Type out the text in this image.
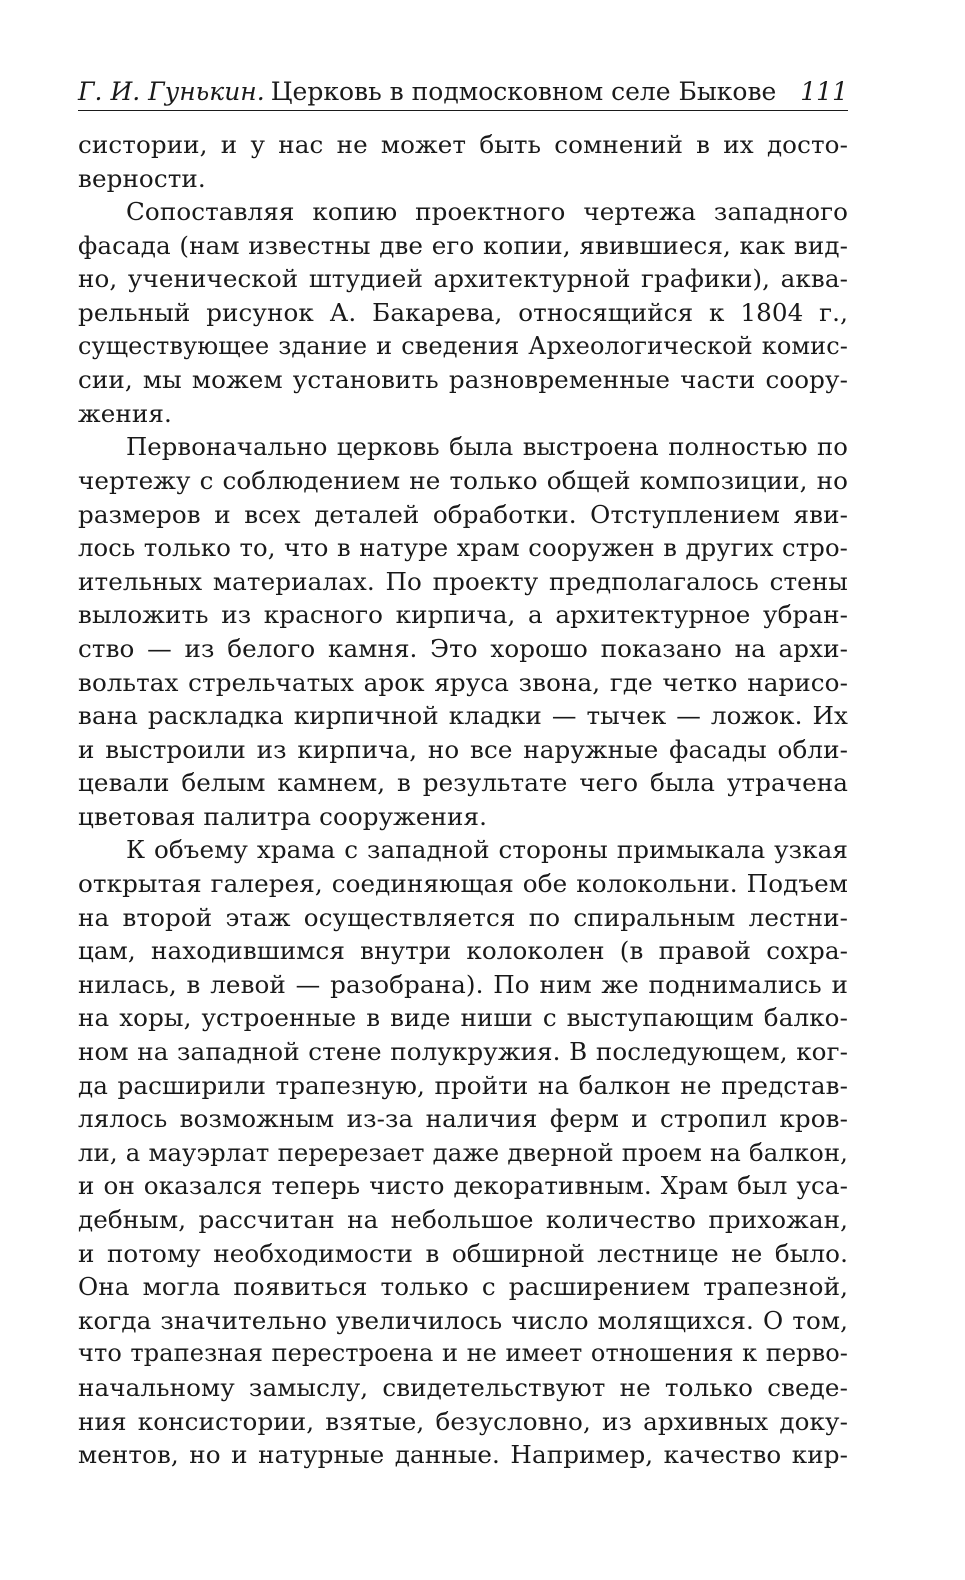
Г. И. Гунькин. Церковь в подмосковном селе Быкове 111
систории, и у нас не может быть сомнений в их досто-
верности.
Сопоставляя копию проектного чертежа западного
фасада (нам известны две его копии, явившиеся, как вид-
но, ученической штудией архитектурной графики), аква-
рельный рисунок А. Бакарева, относящийся к 1804 г.,
существующее здание и сведения Археологической комис-
сии, мы можем установить разновременные части соору-
жения.
Первоначально церковь была выстроена полностью по
чертежу с соблюдением не только общей композиции, но
размеров и всех деталей обработки. Отступлением яви-
лось только то, что в натуре храм сооружен в других стро-
ительных материалах. По проекту предполагалось стены
выложить из красного кирпича, а архитектурное убран-
ство — из белого камня. Это хорошо показано на архи-
вольтах стрельчатых арок яруса звона, где четко нарисо-
вана раскладка кирпичной кладки — тычек — ложок. Их
и выстроили из кирпича, но все наружные фасады обли-
цевали белым камнем, в результате чего была утрачена
цветовая палитра сооружения.
К объему храма с западной стороны примыкала узкая
открытая галерея, соединяющая обе колокольни. Подъем
на второй этаж осуществляется по спиральным лестни-
цам, находившимся внутри колоколен (в правой сохра-
нилась, в левой — разобрана). По ним же поднимались и
на хоры, устроенные в виде ниши с выступающим балко-
ном на западной стене полукружия. В последующем, ког-
да расширили трапезную, пройти на балкон не представ-
лялось возможным из-за наличия ферм и стропил кров-
ли, а мауэрлат перерезает даже дверной проем на балкон,
и он оказался теперь чисто декоративным. Храм был уса-
дебным, рассчитан на небольшое количество прихожан,
и потому необходимости в обширной лестнице не было.
Она могла появиться только с расширением трапезной,
когда значительно увеличилось число молящихся. О том,
что трапезная перестроена и не имеет отношения к перво-
начальному замыслу, свидетельствуют не только сведе-
ния консистории, взятые, безусловно, из архивных доку-
ментов, но и натурные данные. Например, качество кир-
